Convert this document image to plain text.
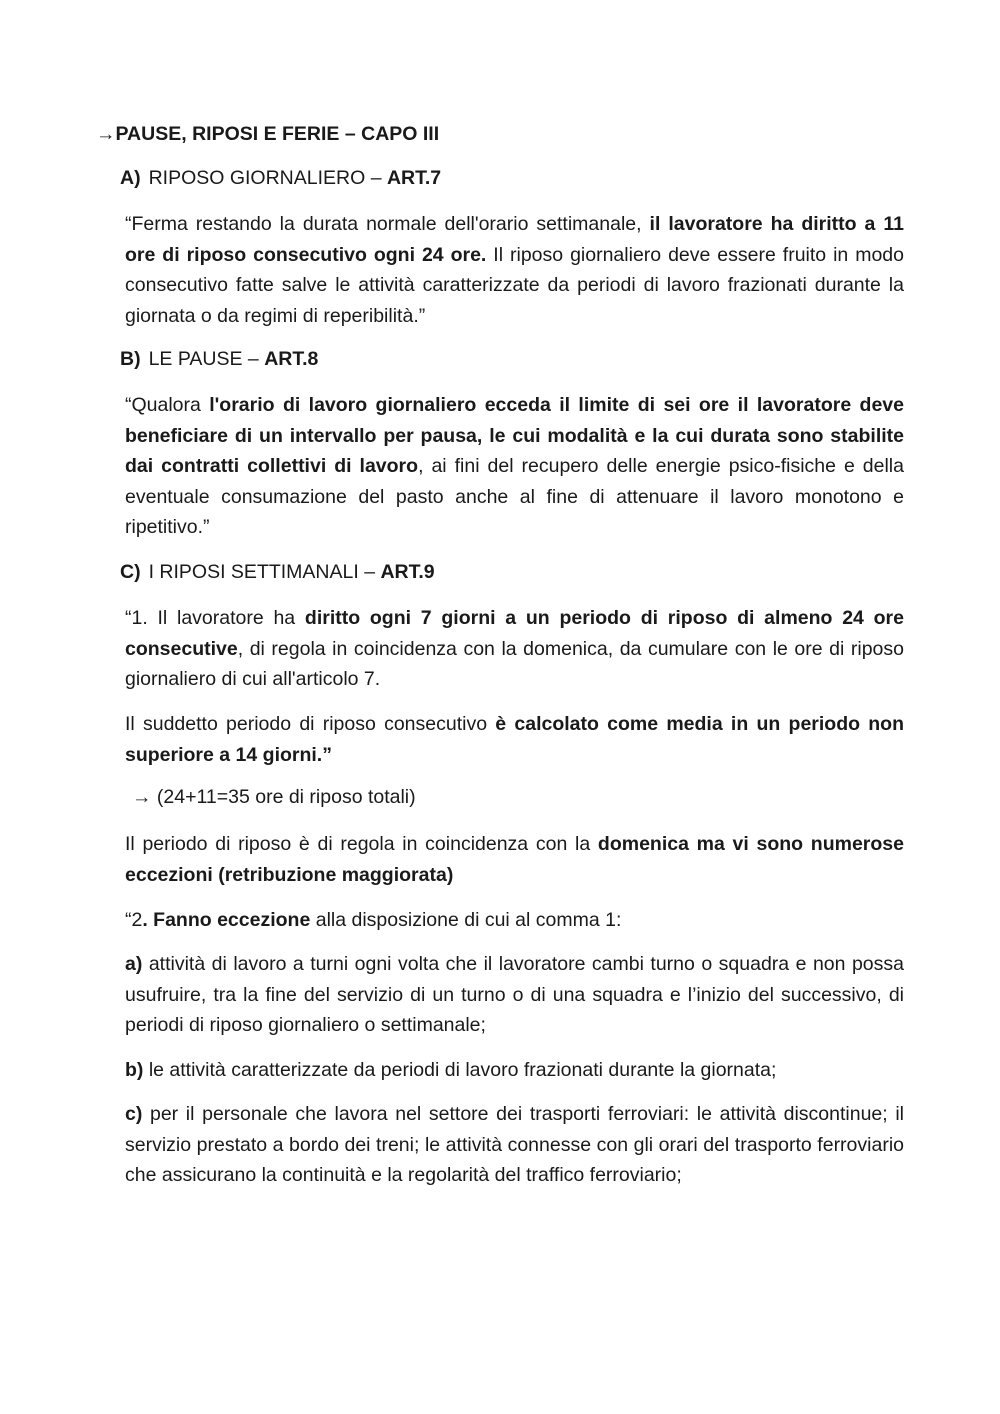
→PAUSE, RIPOSI E FERIE – CAPO III
A) RIPOSO GIORNALIERO – ART.7
“Ferma restando la durata normale dell'orario settimanale, il lavoratore ha diritto a 11 ore di riposo consecutivo ogni 24 ore. Il riposo giornaliero deve essere fruito in modo consecutivo fatte salve le attività caratterizzate da periodi di lavoro frazionati durante la giornata o da regimi di reperibilità.”
B) LE PAUSE – ART.8
“Qualora l'orario di lavoro giornaliero ecceda il limite di sei ore il lavoratore deve beneficiare di un intervallo per pausa, le cui modalità e la cui durata sono stabilite dai contratti collettivi di lavoro, ai fini del recupero delle energie psico-fisiche e della eventuale consumazione del pasto anche al fine di attenuare il lavoro monotono e ripetitivo.”
C) I RIPOSI SETTIMANALI – ART.9
“1. Il lavoratore ha diritto ogni 7 giorni a un periodo di riposo di almeno 24 ore consecutive, di regola in coincidenza con la domenica, da cumulare con le ore di riposo giornaliero di cui all'articolo 7.
Il suddetto periodo di riposo consecutivo è calcolato come media in un periodo non superiore a 14 giorni.”
→ (24+11=35 ore di riposo totali)
Il periodo di riposo è di regola in coincidenza con la domenica ma vi sono numerose eccezioni (retribuzione maggiorata)
“2. Fanno eccezione alla disposizione di cui al comma 1:
a) attività di lavoro a turni ogni volta che il lavoratore cambi turno o squadra e non possa usufruire, tra la fine del servizio di un turno o di una squadra e l’inizio del successivo, di periodi di riposo giornaliero o settimanale;
b) le attività caratterizzate da periodi di lavoro frazionati durante la giornata;
c) per il personale che lavora nel settore dei trasporti ferroviari: le attività discontinue; il servizio prestato a bordo dei treni; le attività connesse con gli orari del trasporto ferroviario che assicurano la continuità e la regolarità del traffico ferroviario;
